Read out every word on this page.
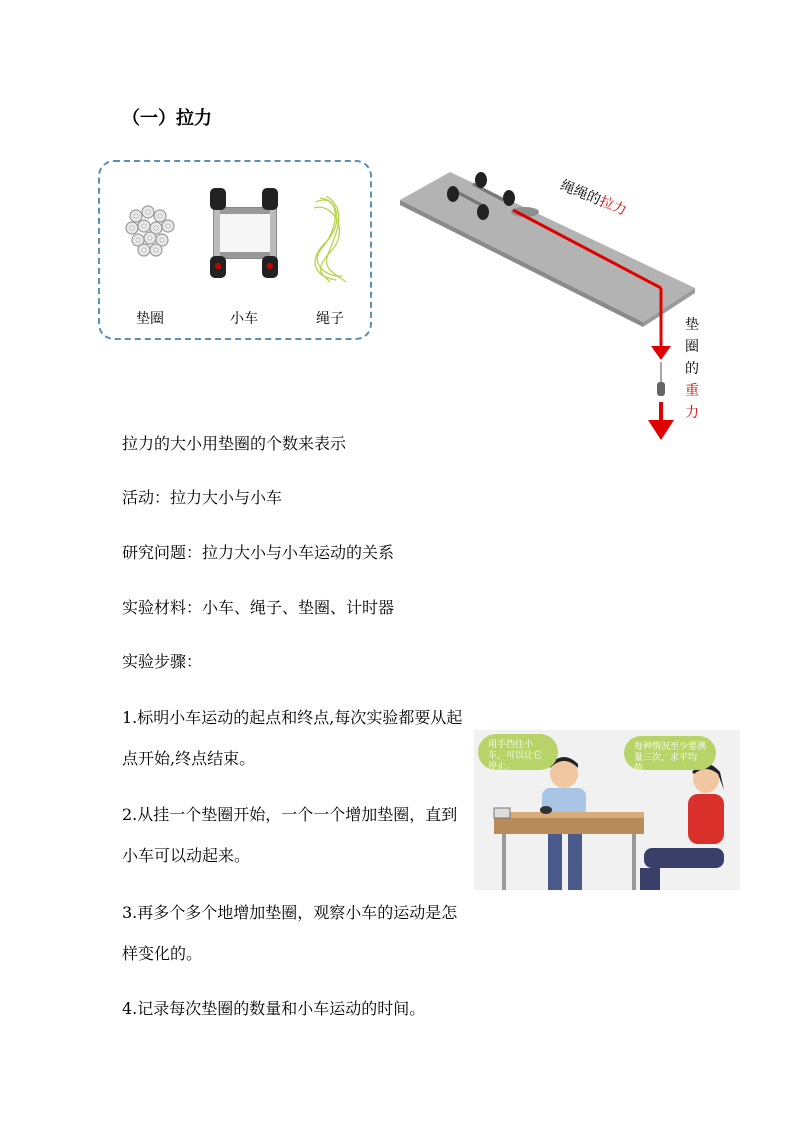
（一）拉力
垫圈	小车	绳子
绳绳的拉力
垫
圈
的
重
力
拉力的大小用垫圈的个数来表示
活动：拉力大小与小车
研究问题：拉力大小与小车运动的关系
实验材料：小车、绳子、垫圈、计时器
实验步骤：
1.标明小车运动的起点和终点,每次实验都要从起点开始,终点结束。
2.从挂一个垫圈开始，一个一个增加垫圈，直到小车可以动起来。
3.再多个多个地增加垫圈，观察小车的运动是怎样变化的。
4.记录每次垫圈的数量和小车运动的时间。
用手挡住小车，可以让它停止。
每种情况至少要测量三次，求平均值。
